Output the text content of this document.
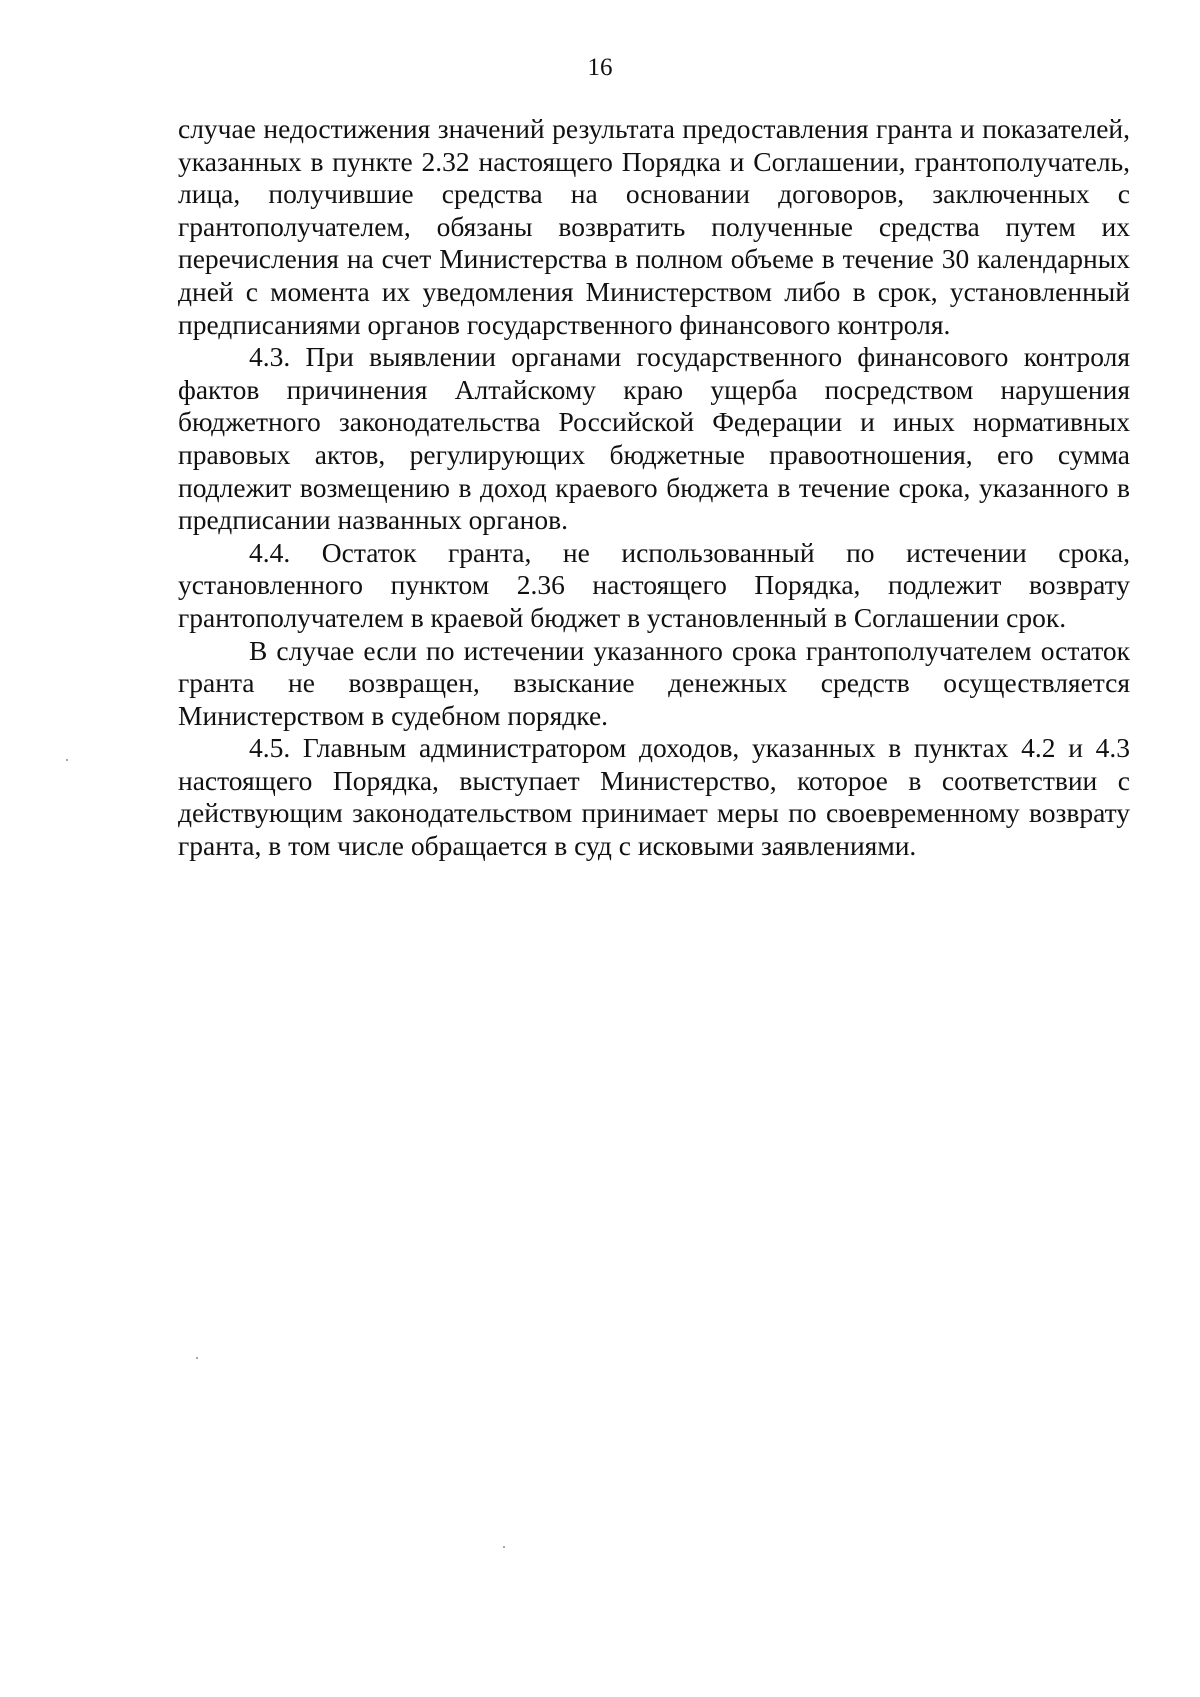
16

случае недостижения значений результата предоставления гранта и показателей, указанных в пункте 2.32 настоящего Порядка и Соглашении, грантополучатель, лица, получившие средства на основании договоров, заключенных с грантополучателем, обязаны возвратить полученные средства путем их перечисления на счет Министерства в полном объеме в течение 30 календарных дней с момента их уведомления Министерством либо в срок, установленный предписаниями органов государственного финансового контроля.

4.3. При выявлении органами государственного финансового контроля фактов причинения Алтайскому краю ущерба посредством нарушения бюджетного законодательства Российской Федерации и иных нормативных правовых актов, регулирующих бюджетные правоотношения, его сумма подлежит возмещению в доход краевого бюджета в течение срока, указанного в предписании названных органов.

4.4. Остаток гранта, не использованный по истечении срока, установленного пунктом 2.36 настоящего Порядка, подлежит возврату грантополучателем в краевой бюджет в установленный в Соглашении срок.

В случае если по истечении указанного срока грантополучателем остаток гранта не возвращен, взыскание денежных средств осуществляется Министерством в судебном порядке.

4.5. Главным администратором доходов, указанных в пунктах 4.2 и 4.3 настоящего Порядка, выступает Министерство, которое в соответствии с действующим законодательством принимает меры по своевременному возврату гранта, в том числе обращается в суд с исковыми заявлениями.
